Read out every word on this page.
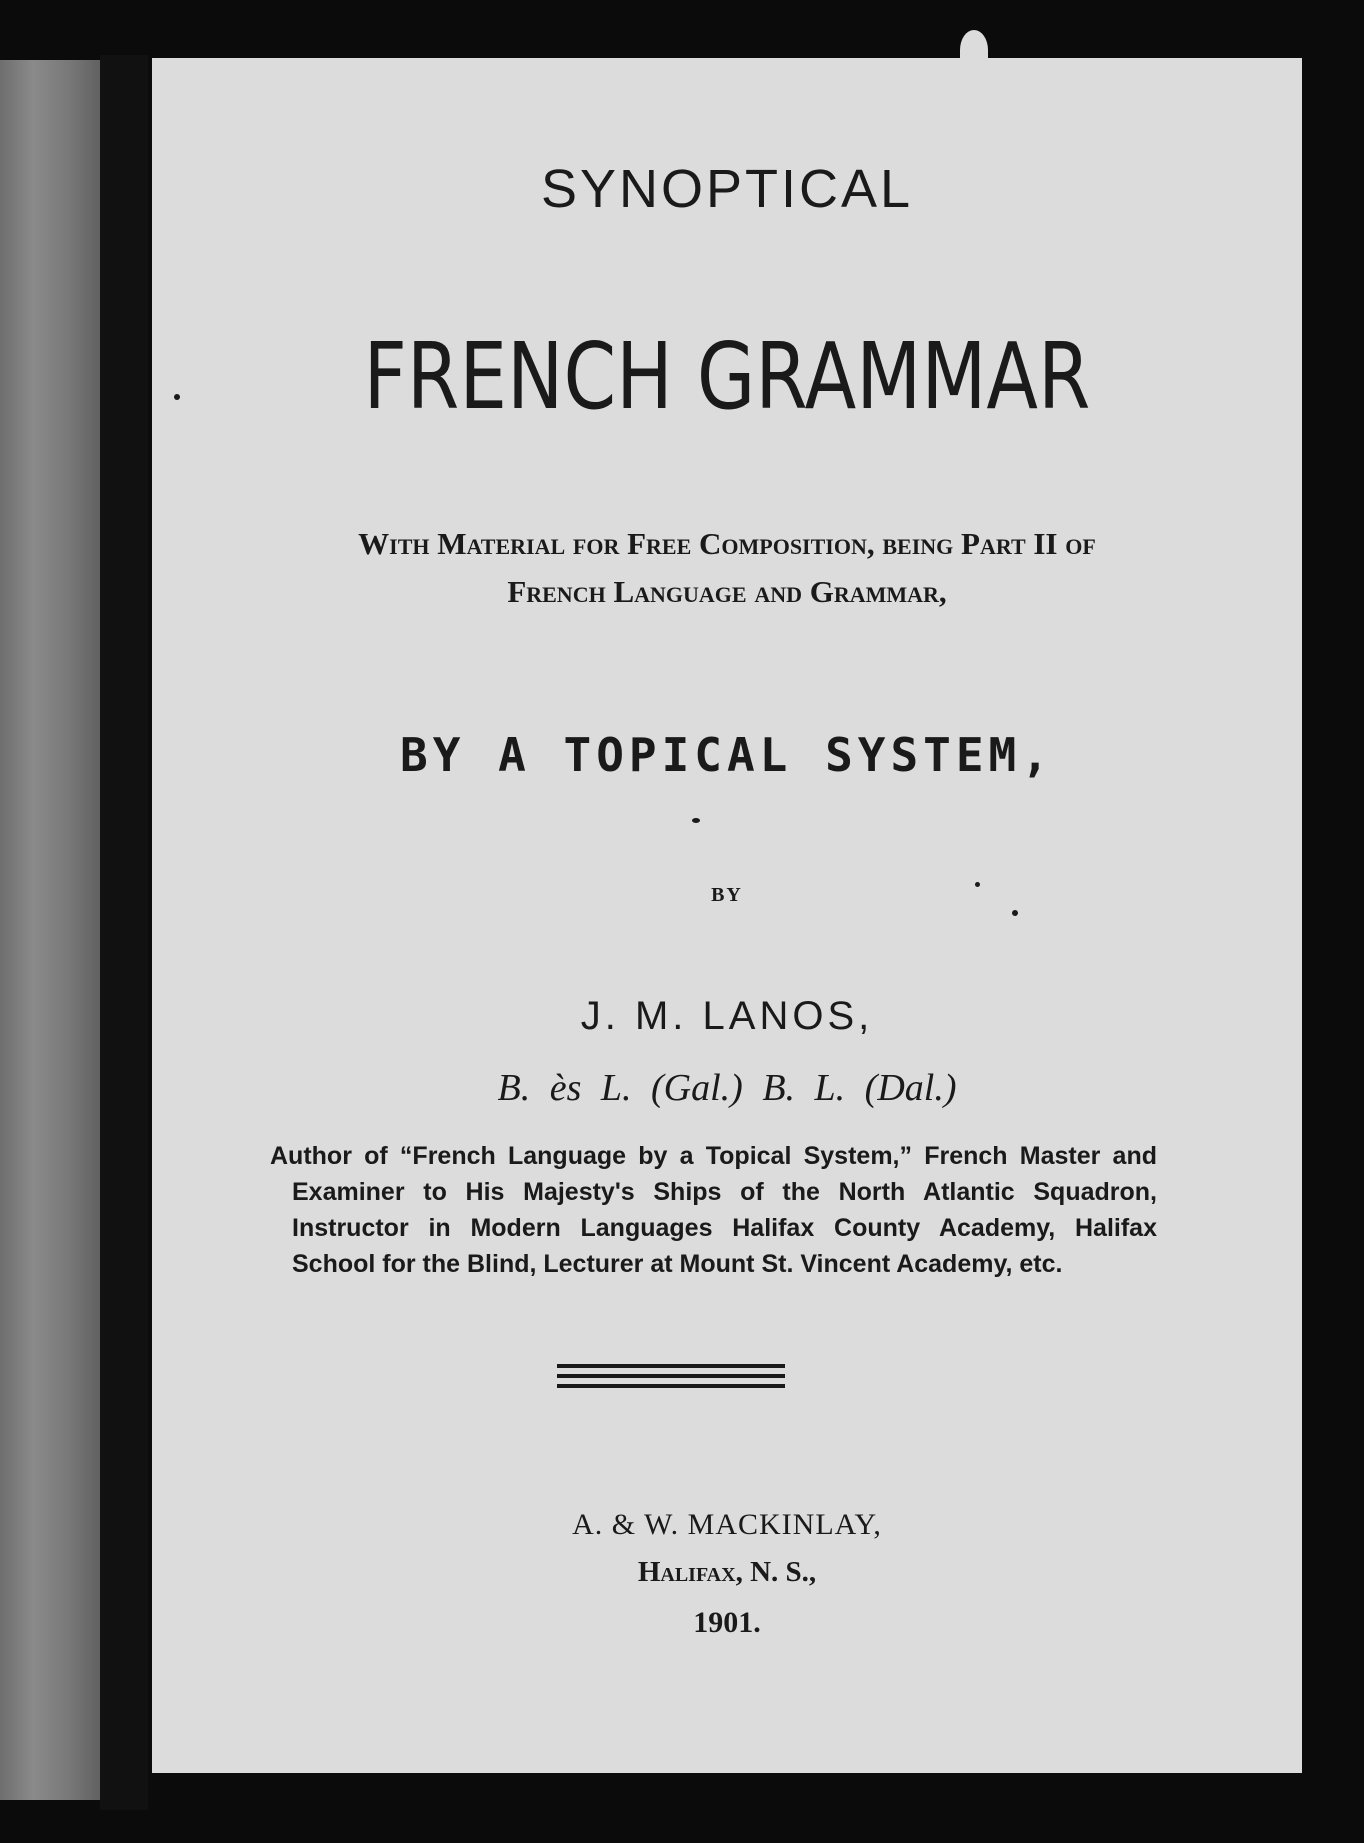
SYNOPTICAL
FRENCH GRAMMAR
With Material for Free Composition, being Part II of
French Language and Grammar,
BY A TOPICAL SYSTEM,
BY
J. M. LANOS,
B. ès L. (Gal.) B. L. (Dal.)
Author of “French Language by a Topical System,” French Master and Examiner to His Majesty's Ships of the North Atlantic Squadron, Instructor in Modern Languages Halifax County Academy, Halifax School for the Blind, Lecturer at Mount St. Vincent Academy, etc.
A. & W. MACKINLAY,
Halifax, N. S.,
1901.
